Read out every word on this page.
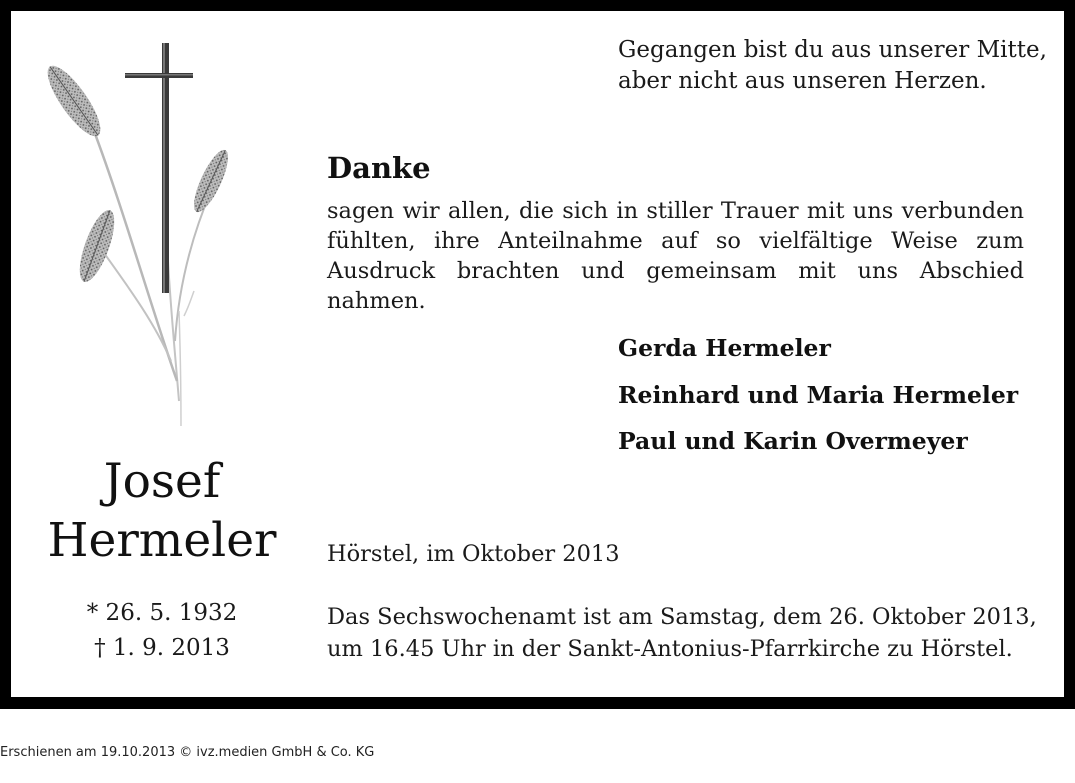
Gegangen bist du aus unserer Mitte,
aber nicht aus unseren Herzen.
Danke
sagen wir allen, die sich in stiller Trauer mit uns verbunden fühlten, ihre Anteilnahme auf so vielfältige Weise zum Ausdruck brachten und gemeinsam mit uns Abschied nahmen.
Gerda Hermeler
Reinhard und Maria Hermeler
Paul und Karin Overmeyer
Hörstel, im Oktober 2013
Das Sechswochenamt ist am Samstag, dem 26. Oktober 2013,
um 16.45 Uhr in der Sankt-Antonius-Pfarrkirche zu Hörstel.
Josef
Hermeler
* 26. 5. 1932
† 1. 9. 2013
Erschienen am 19.10.2013 © ivz.medien GmbH & Co. KG
